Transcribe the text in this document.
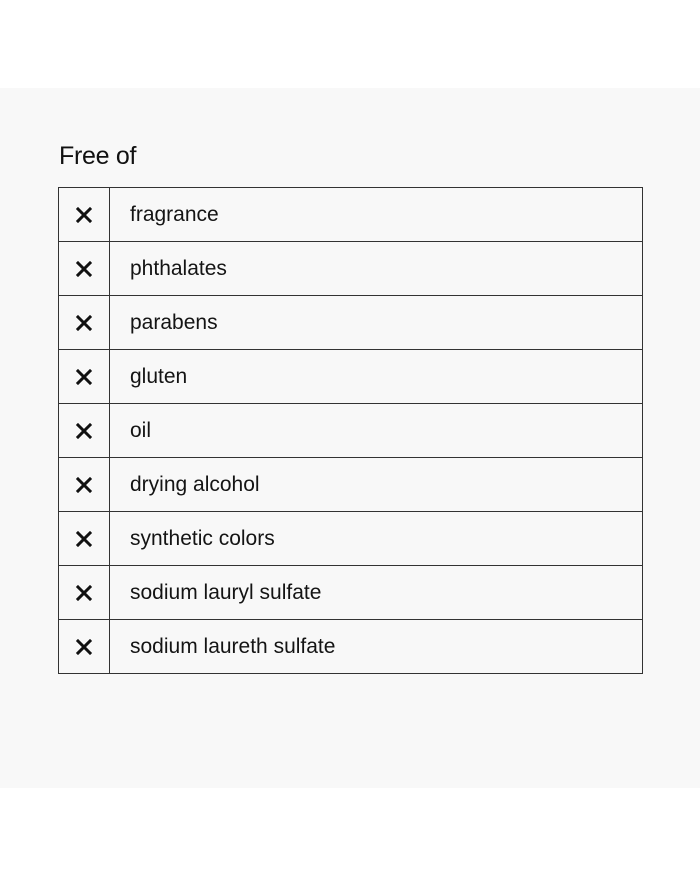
Free of
fragrance
phthalates
parabens
gluten
oil
drying alcohol
synthetic colors
sodium lauryl sulfate
sodium laureth sulfate
